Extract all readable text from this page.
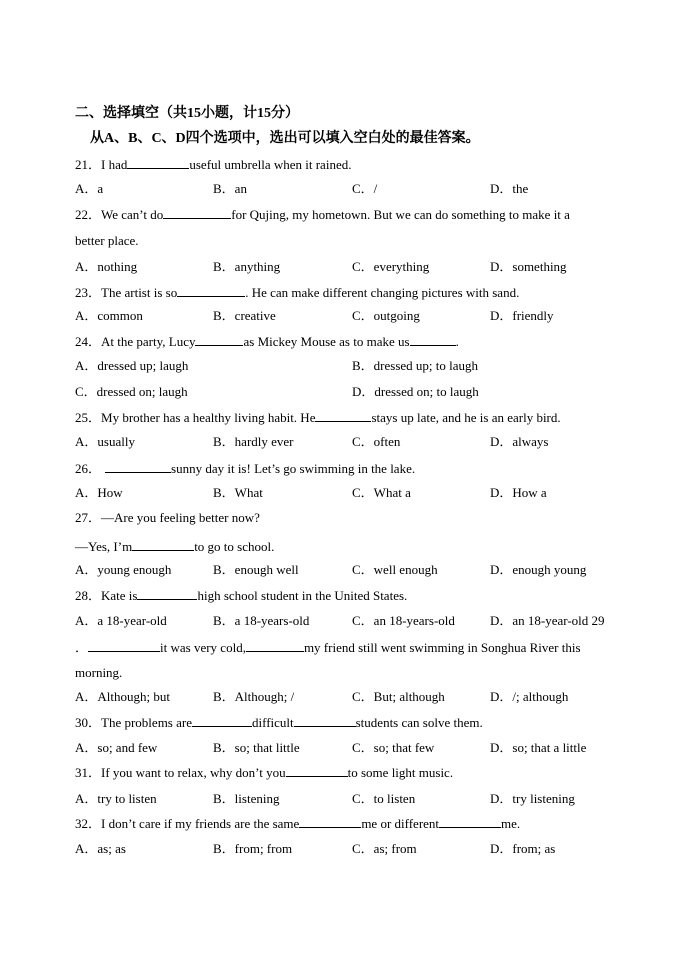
二、选择填空（共15小题，计15分）
从A、B、C、D四个选项中，选出可以填入空白处的最佳答案。
21．I had	useful umbrella when it rained.
A．a	B．an	C．/	D．the
22．We can’t do	for Qujing, my hometown. But we can do something to make it a
better place.
A．nothing	B．anything	C．everything	D．something
23．The artist is so	. He can make different changing pictures with sand.
A．common	B．creative	C．outgoing	D．friendly
24．At the party, Lucy	as Mickey Mouse as to make us	.
A．dressed up; laugh	B．dressed up; to laugh
C．dressed on; laugh	D．dressed on; to laugh
25．My brother has a healthy living habit. He	stays up late, and he is an early bird.
A．usually	B．hardly ever	C．often	D．always
26．	sunny day it is! Let’s go swimming in the lake.
A．How	B．What	C．What a	D．How a
27．—Are you feeling better now?
—Yes, I’m	to go to school.
A．young enough	B．enough well	C．well enough	D．enough young
28．Kate is	high school student in the United States.
A．a 18-year-old	B．a 18-years-old	C．an 18-years-old	D．an 18-year-old 29
．	it was very cold,	my friend still went swimming in Songhua River this
morning.
A．Although; but	B．Although; /	C．But; although	D．/; although
30．The problems are	difficult	students can solve them.
A．so; and few	B．so; that little	C．so; that few	D．so; that a little
31．If you want to relax, why don’t you	to some light music.
A．try to listen	B．listening	C．to listen	D．try listening
32．I don’t care if my friends are the same	me or different	me.
A．as; as	B．from; from	C．as; from	D．from; as
